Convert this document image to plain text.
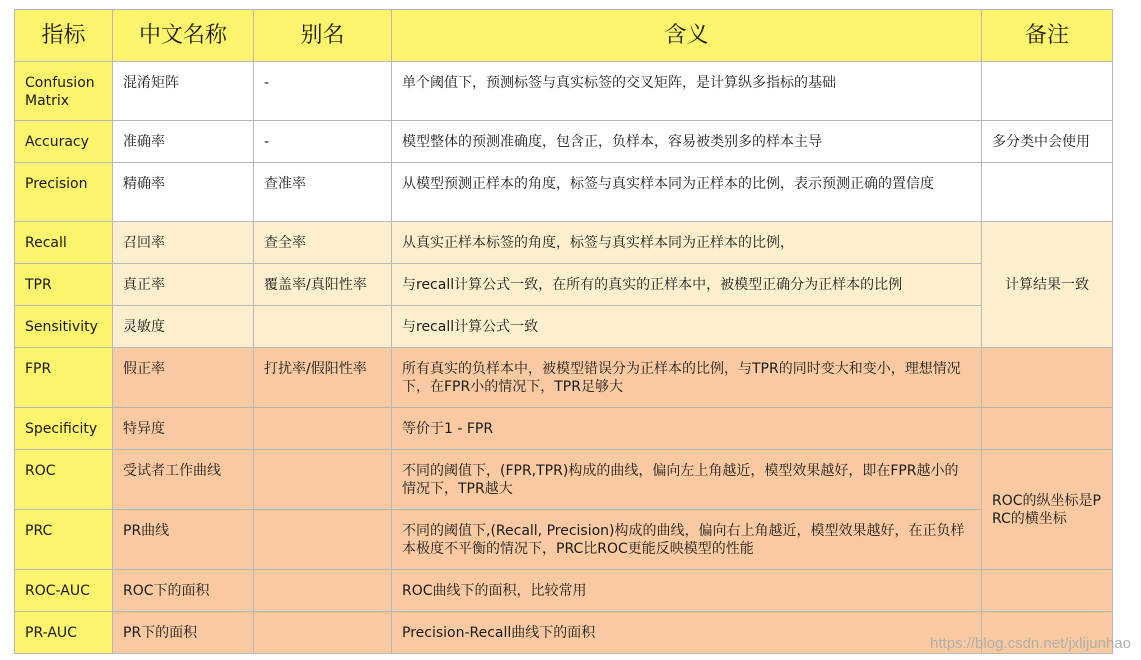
指标	中文名称	别名	含义	备注
Confusion Matrix	混淆矩阵	-	单个阈值下，预测标签与真实标签的交叉矩阵，是计算纵多指标的基础	
Accuracy	准确率	-	模型整体的预测准确度，包含正，负样本，容易被类别多的样本主导	多分类中会使用
Precision	精确率	查准率	从模型预测正样本的角度，标签与真实样本同为正样本的比例，表示预测正确的置信度	
Recall	召回率	查全率	从真实正样本标签的角度，标签与真实样本同为正样本的比例，	计算结果一致
TPR	真正率	覆盖率/真阳性率	与recall计算公式一致，在所有的真实的正样本中，被模型正确分为正样本的比例	
Sensitivity	灵敏度		与recall计算公式一致	
FPR	假正率	打扰率/假阳性率	所有真实的负样本中，被模型错误分为正样本的比例，与TPR的同时变大和变小，理想情况下，在FPR小的情况下，TPR足够大	
Specificity	特异度		等价于1 - FPR	
ROC	受试者工作曲线		不同的阈值下，(FPR,TPR)构成的曲线，偏向左上角越近，模型效果越好，即在FPR越小的情况下，TPR越大	ROC的纵坐标是PRC的横坐标
PRC	PR曲线		不同的阈值下,(Recall, Precision)构成的曲线，偏向右上角越近，模型效果越好，在正负样本极度不平衡的情况下，PRC比ROC更能反映模型的性能	
ROC-AUC	ROC下的面积		ROC曲线下的面积，比较常用	
PR-AUC	PR下的面积		Precision-Recall曲线下的面积	
https://blog.csdn.net/jxlijunhao
